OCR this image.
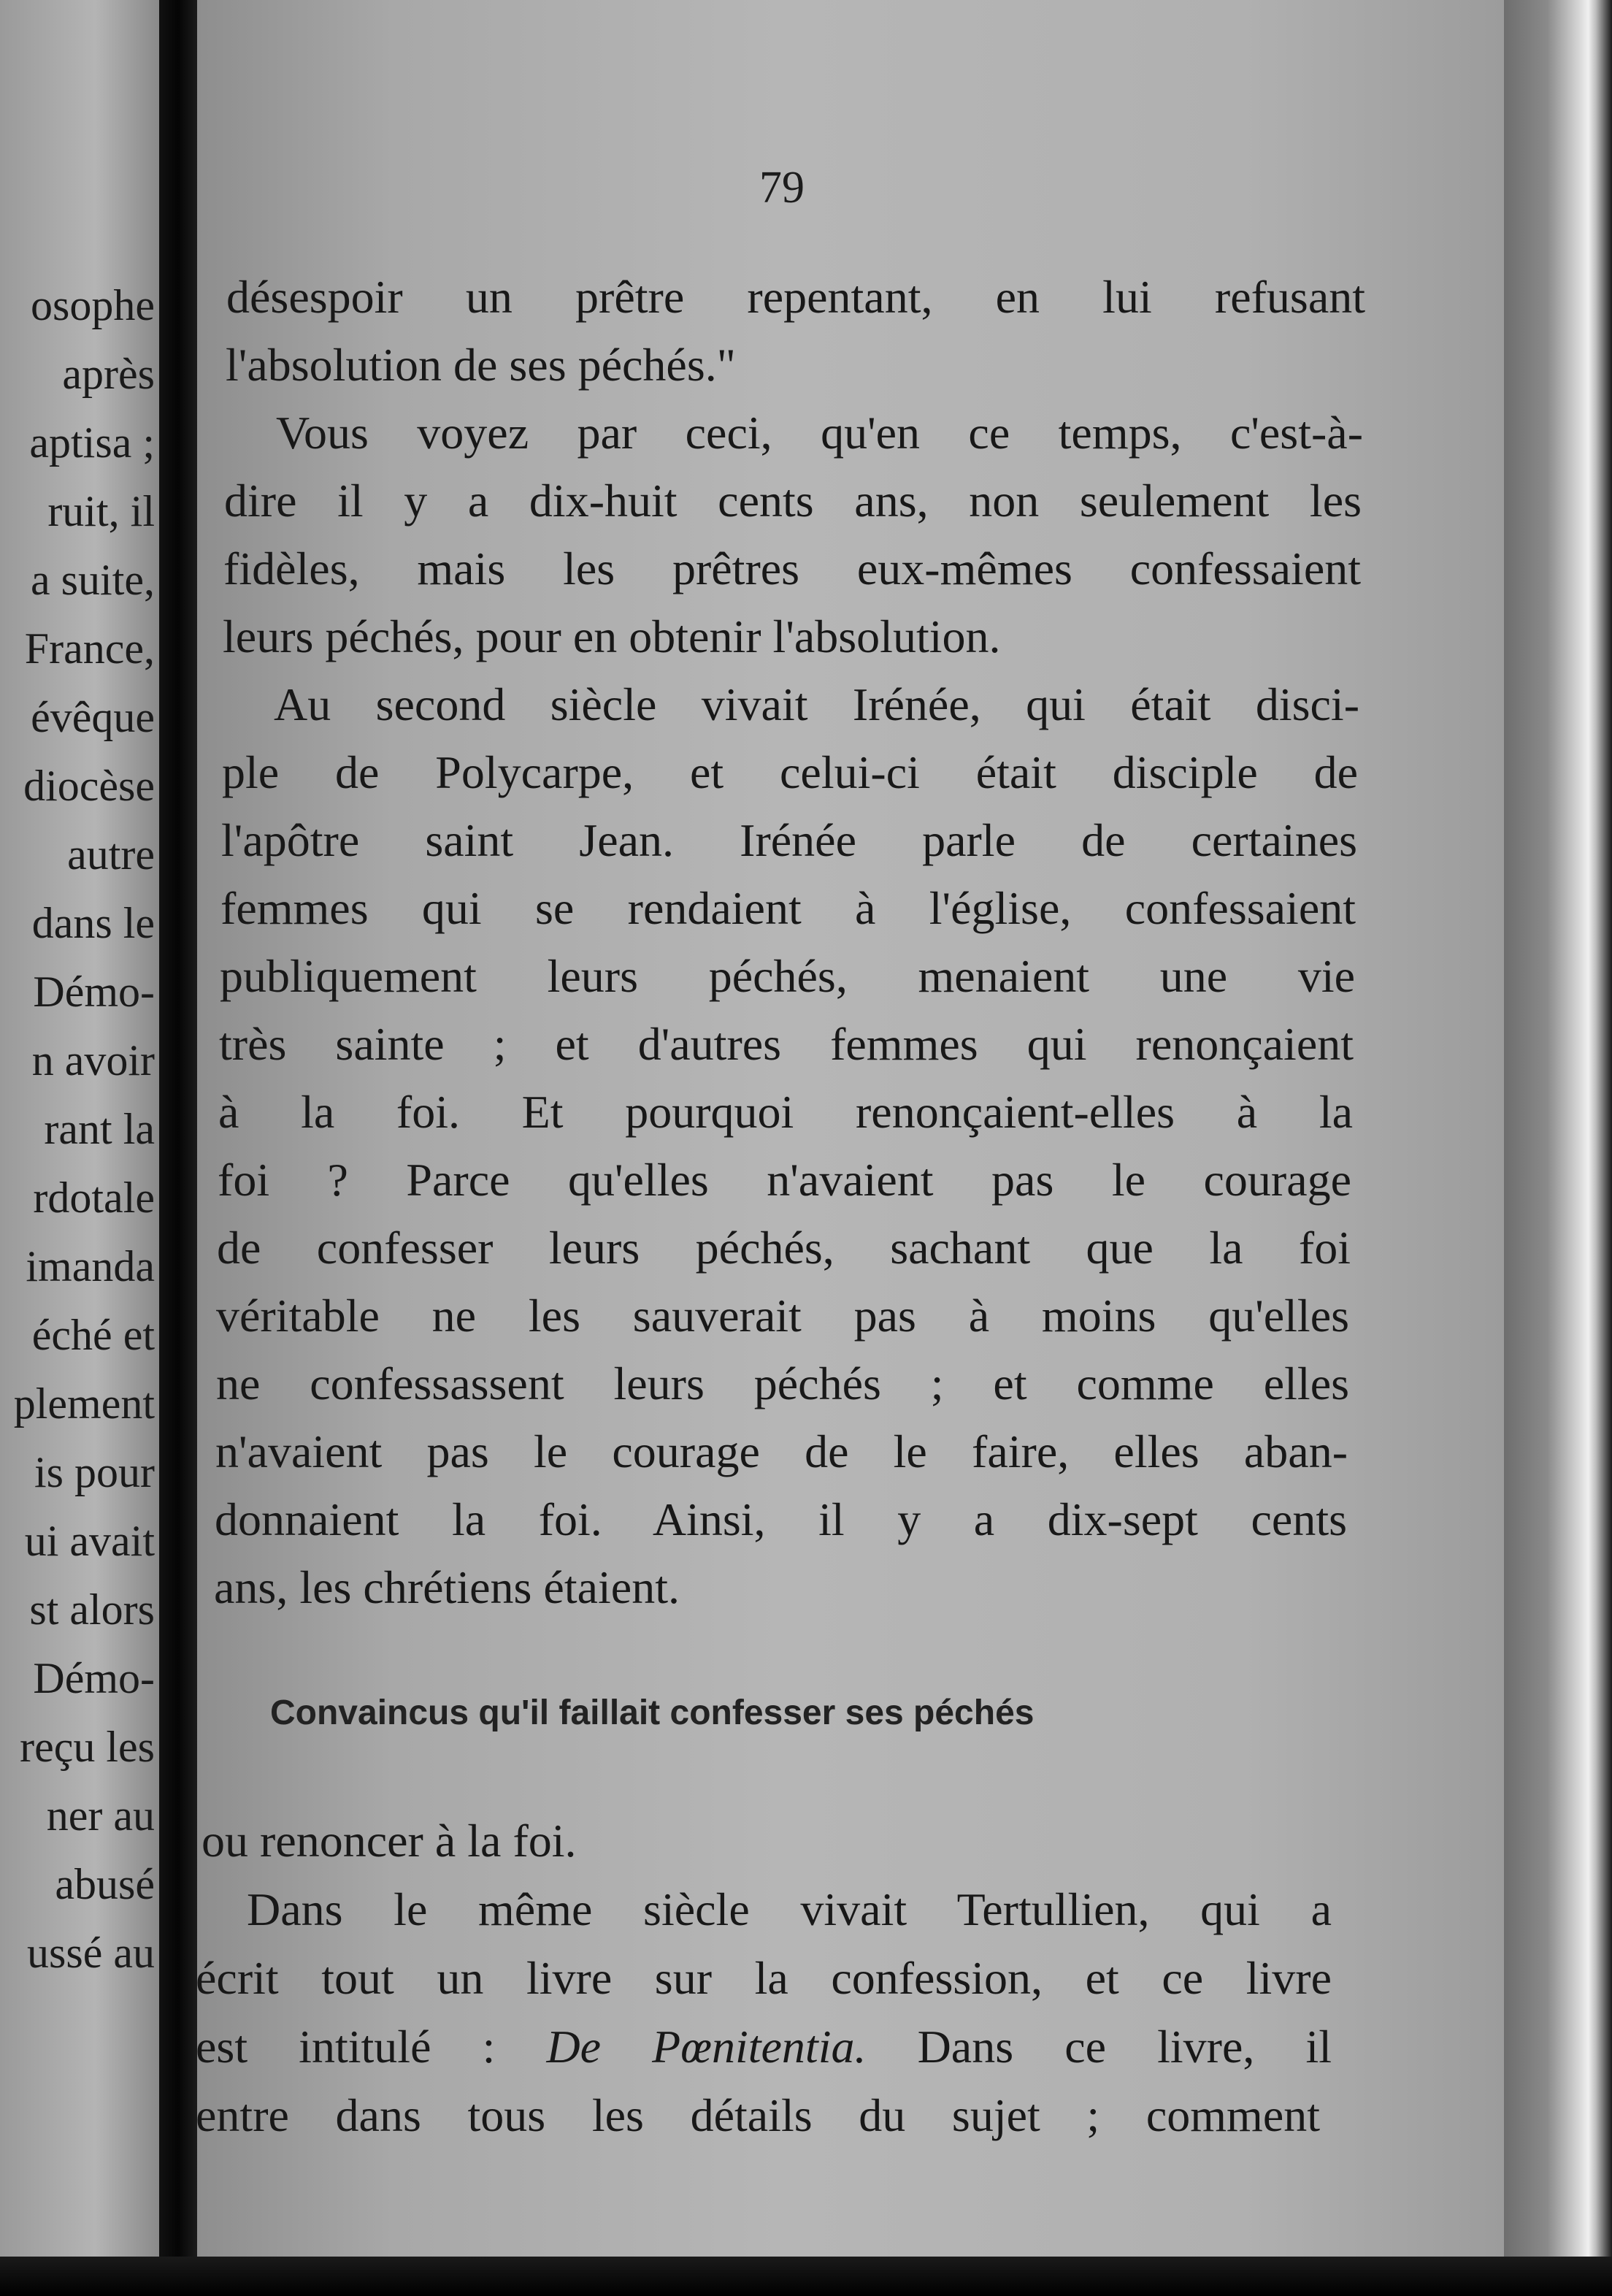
osophe
après
aptisa ;
ruit, il
a suite,
France,
évêque
diocèse
autre
dans le
Démo-
n avoir
rant la
rdotale
imanda
éché et
plement
is pour
ui avait
st alors
Démo-
reçu les
ner au
abusé
ussé au
79
désespoir un prêtre repentant, en lui refusant
l'absolution de ses péchés."
Vous voyez par ceci, qu'en ce temps, c'est-à-
dire il y a dix-huit cents ans, non seulement les
fidèles, mais les prêtres eux-mêmes confessaient
leurs péchés, pour en obtenir l'absolution.
Au second siècle vivait Irénée, qui était disci-
ple de Polycarpe, et celui-ci était disciple de
l'apôtre saint Jean. Irénée parle de certaines
femmes qui se rendaient à l'église, confessaient
publiquement leurs péchés, menaient une vie
très sainte ; et d'autres femmes qui renonçaient
à la foi. Et pourquoi renonçaient-elles à la
foi ? Parce qu'elles n'avaient pas le courage
de confesser leurs péchés, sachant que la foi
véritable ne les sauverait pas à moins qu'elles
ne confessassent leurs péchés ; et comme elles
n'avaient pas le courage de le faire, elles aban-
donnaient la foi. Ainsi, il y a dix-sept cents
ans, les chrétiens étaient.
Convaincus qu'il faillait confesser ses péchés
ou renoncer à la foi.
Dans le même siècle vivait Tertullien, qui a
écrit tout un livre sur la confession, et ce livre
est intitulé : De Pœnitentia. Dans ce livre, il
entre dans tous les détails du sujet ; comment
